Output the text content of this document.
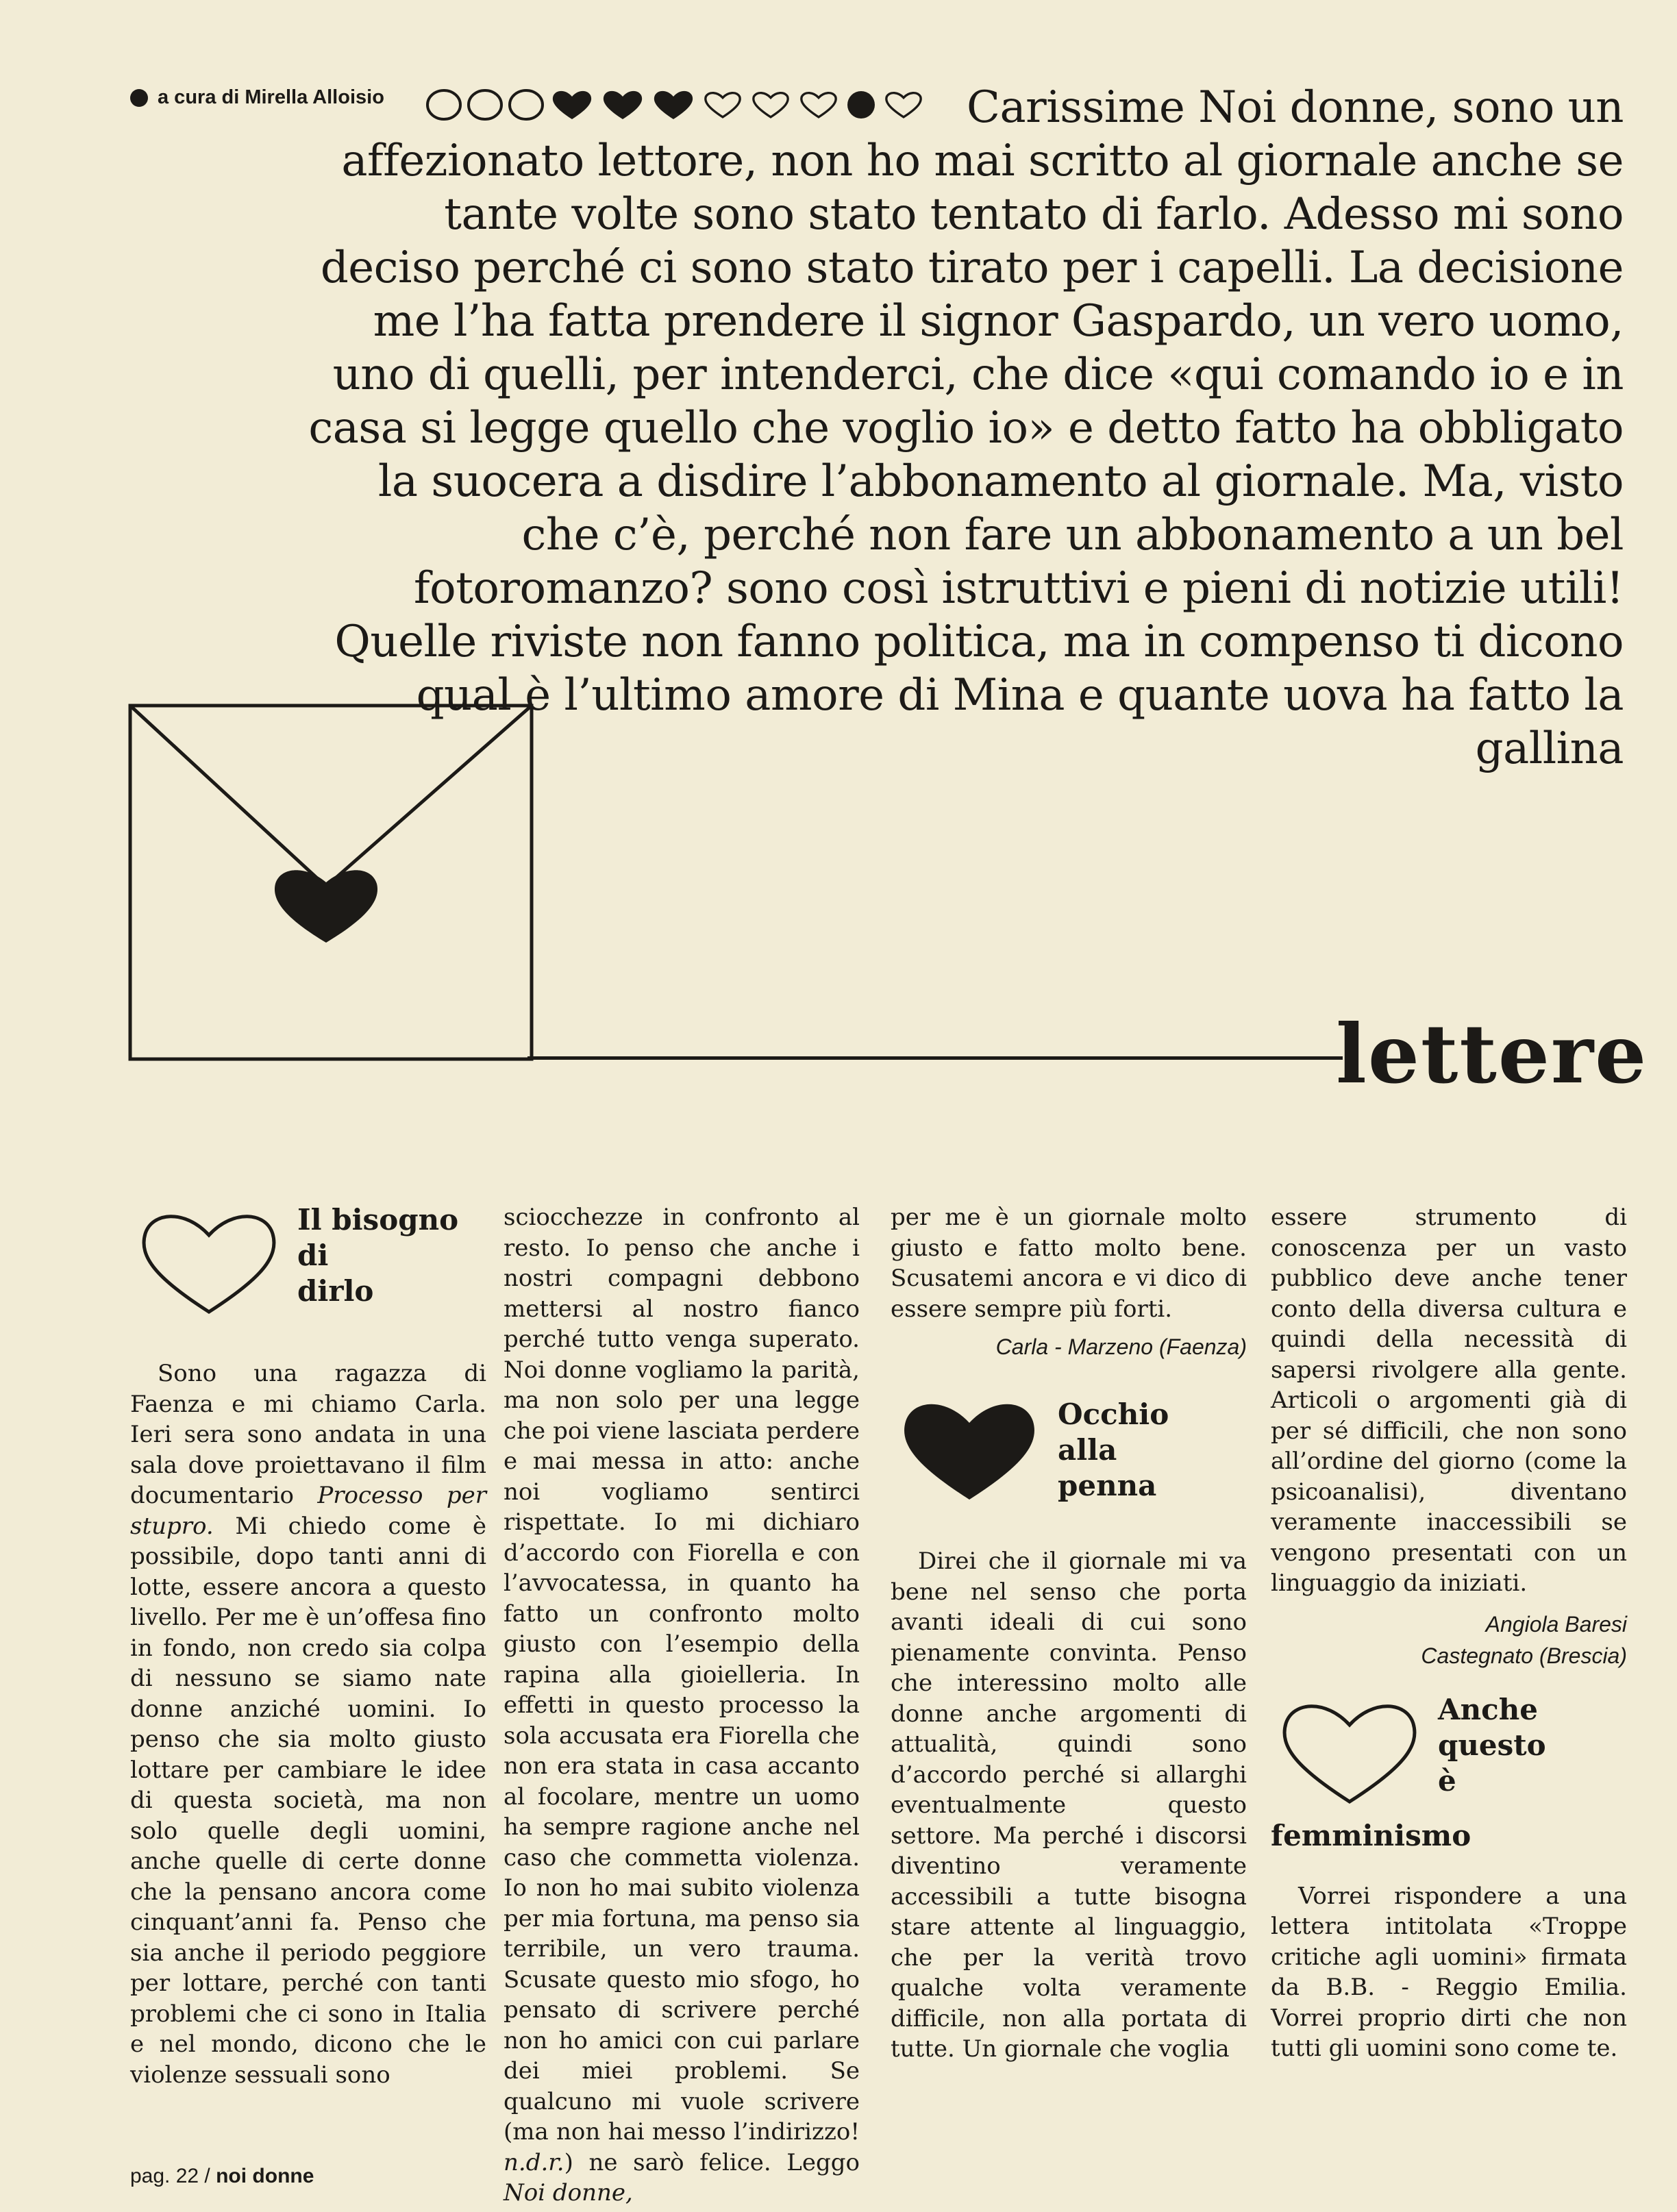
a cura di Mirella Alloisio	Carissime Noi donne, sono un affezionato lettore, non ho mai scritto al giornale anche se tante volte sono stato tentato di farlo. Adesso mi sono deciso perché ci sono stato tirato per i capelli. La decisione me l’ha fatta prendere il signor Gaspardo, un vero uomo, uno di quelli, per intenderci, che dice «qui comando io e in casa si legge quello che voglio io» e detto fatto ha obbligato la suocera a disdire l’abbonamento al giornale. Ma, visto che c’è, perché non fare un abbonamento a un bel fotoromanzo? sono così istruttivi e pieni di notizie utili! Quelle riviste non fanno politica, ma in compenso ti dicono qual è l’ultimo amore di Mina e quante uova ha fatto la gallina

lettere
Il bisogno
di
dirlo

Sono una ragazza di Faenza e mi chiamo Carla. Ieri sera sono andata in una sala dove proiettavano il film documentario Processo per stupro. Mi chiedo come è possibile, dopo tanti anni di lotte, essere ancora a questo livello. Per me è un’offesa fino in fondo, non credo sia colpa di nessuno se siamo nate donne anziché uomini. Io penso che sia molto giusto lottare per cambiare le idee di questa società, ma non solo quelle degli uomini, anche quelle di certe donne che la pensano ancora come cinquant’anni fa. Penso che sia anche il periodo peggiore per lottare, perché con tanti problemi che ci sono in Italia e nel mondo, dicono che le violenze sessuali sono

sciocchezze in confronto al resto. Io penso che anche i nostri compagni debbono mettersi al nostro fianco perché tutto venga superato. Noi donne vogliamo la parità, ma non solo per una legge che poi viene lasciata perdere e mai messa in atto: anche noi vogliamo sentirci rispettate. Io mi dichiaro d’accordo con Fiorella e con l’avvocatessa, in quanto ha fatto un confronto molto giusto con l’esempio della rapina alla gioielleria. In effetti in questo processo la sola accusata era Fiorella che non era stata in casa accanto al focolare, mentre un uomo ha sempre ragione anche nel caso che commetta violenza. Io non ho mai subito violenza per mia fortuna, ma penso sia terribile, un vero trauma. Scusate questo mio sfogo, ho pensato di scrivere perché non ho amici con cui parlare dei miei problemi. Se qualcuno mi vuole scrivere (ma non hai messo l’indirizzo! n.d.r.) ne sarò felice. Leggo Noi donne,

per me è un giornale molto giusto e fatto molto bene. Scusatemi ancora e vi dico di essere sempre più forti.

Carla - Marzeno (Faenza)
Occhio
alla
penna

Direi che il giornale mi va bene nel senso che porta avanti ideali di cui sono pienamente convinta. Penso che interessino molto alle donne anche argomenti di attualità, quindi sono d’accordo perché si allarghi eventualmente questo settore. Ma perché i discorsi diventino veramente accessibili a tutte bisogna stare attente al linguaggio, che per la verità trovo qualche volta veramente difficile, non alla portata di tutte. Un giornale che voglia

essere strumento di conoscenza per un vasto pubblico deve anche tener conto della diversa cultura e quindi della necessità di sapersi rivolgere alla gente. Articoli o argomenti già di per sé difficili, che non sono all’ordine del giorno (come la psicoanalisi), diventano veramente inaccessibili se vengono presentati con un linguaggio da iniziati.

Angiola Baresi
Castegnato (Brescia)
Anche
questo
è
femminismo

Vorrei rispondere a una lettera intitolata «Troppe critiche agli uomini» firmata da B.B. - Reggio Emilia. Vorrei proprio dirti che non tutti gli uomini sono come te.

pag. 22 / noi donne
